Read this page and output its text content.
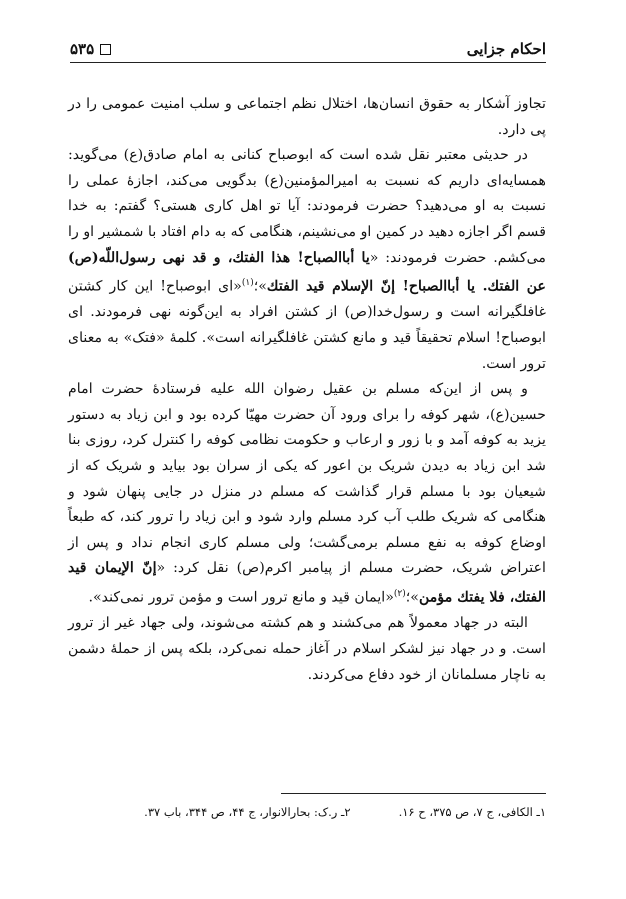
احکام جزایی
۵۳۵

تجاوز آشکار به حقوق انسان‌ها، اختلال نظم اجتماعی و سلب امنیت عمومی را در پی دارد.

در حدیثی معتبر نقل شده است که ابوصباح کنانی به امام صادق‌(ع) می‌گوید: همسایه‌ای داریم که نسبت به امیرالمؤمنین‌(ع) بدگویی می‌کند، اجازهٔ عملی را نسبت به او می‌دهید؟ حضرت فرمودند: آیا تو اهل کاری هستی؟ گفتم: به خدا قسم اگر اجازه دهید در کمین او می‌نشینم، هنگامی که به دام افتاد با شمشیر او را می‌کشم. حضرت فرمودند: «یا أباالصباح! هذا الفتك، و قد نهی رسول‌اللّه‌(ص) عن الفتك. یا أباالصباح! إنّ الإسلام قید الفتك»؛$^{(۱)}$«ای ابوصباح! این کار کشتن غافلگیرانه است و رسول‌خدا(ص) از کشتن افراد به این‌گونه نهی فرمودند. ای ابوصباح! اسلام تحقیقاً قید و مانع کشتن غافلگیرانه است». کلمهٔ «فتک» به معنای ترور است.

و پس از این‌که مسلم بن عقیل رضوان الله علیه فرستادهٔ حضرت امام حسین‌(ع)، شهر کوفه را برای ورود آن حضرت مهیّا کرده بود و ابن زیاد به دستور یزید به کوفه آمد و با زور و ارعاب و حکومت نظامی کوفه را کنترل کرد، روزی بنا شد ابن زیاد به دیدن شریک بن اعور که یکی از سران بود بیاید و شریک که از شیعیان بود با مسلم قرار گذاشت که مسلم در منزل در جایی پنهان شود و هنگامی که شریک طلب آب کرد مسلم وارد شود و ابن زیاد را ترور کند، که طبعاً اوضاع کوفه به نفع مسلم برمی‌گشت؛ ولی مسلم کاری انجام نداد و پس از اعتراض شریک، حضرت مسلم از پیامبر اکرم‌(ص) نقل کرد: «إنّ الإیمان قید الفتك، فلا یفتك مؤمن»؛$^{(۲)}$«ایمان قید و مانع ترور است و مؤمن ترور نمی‌کند».

البته در جهاد معمولاً هم می‌کشند و هم کشته می‌شوند، ولی جهاد غیر از ترور است. و در جهاد نیز لشکر اسلام در آغاز حمله نمی‌کرد، بلکه پس از حملهٔ دشمن به ناچار مسلمانان از خود دفاع می‌کردند.

۱ـ الکافی، ج ۷، ص ۳۷۵، ح ۱۶.
۲ـ ر.ک: بحارالانوار، ج ۴۴، ص ۳۴۴، باب ۳۷.
